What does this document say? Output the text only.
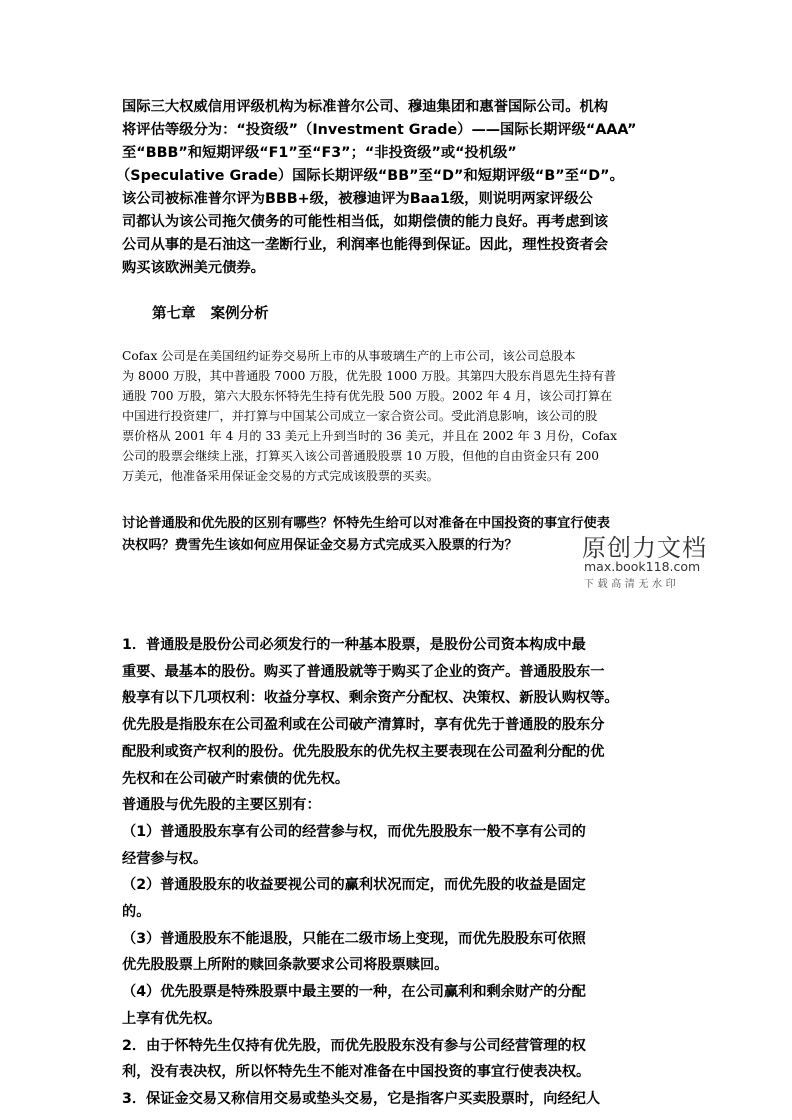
国际三大权威信用评级机构为标准普尔公司、穆迪集团和惠誉国际公司。机构

将评估等级分为：“投资级”（Investment Grade）——国际长期评级“AAA”

至“BBB”和短期评级“F1”至“F3”；“非投资级”或“投机级”

（Speculative Grade）国际长期评级“BB”至“D”和短期评级“B”至“D”。

该公司被标准普尔评为BBB+级，被穆迪评为Baa1级，则说明两家评级公

司都认为该公司拖欠债务的可能性相当低，如期偿债的能力良好。再考虑到该

公司从事的是石油这一垄断行业，利润率也能得到保证。因此，理性投资者会

购买该欧洲美元债券。

第七章   案例分析

Cofax 公司是在美国纽约证券交易所上市的从事玻璃生产的上市公司，该公司总股本

为 8000 万股，其中普通股 7000 万股，优先股 1000 万股。其第四大股东肖恩先生持有普

通股 700 万股，第六大股东怀特先生持有优先股 500 万股。2002 年 4 月，该公司打算在

中国进行投资建厂，并打算与中国某公司成立一家合资公司。受此消息影响，该公司的股

票价格从 2001 年 4 月的 33 美元上升到当时的 36 美元，并且在 2002 年 3 月份，Cofax

公司的股票会继续上涨，打算买入该公司普通股股票 10 万股，但他的自由资金只有 200

万美元，他准备采用保证金交易的方式完成该股票的买卖。

讨论普通股和优先股的区别有哪些？怀特先生给可以对准备在中国投资的事宜行使表

决权吗？费雪先生该如何应用保证金交易方式完成买入股票的行为？	原创力文档
max.book118.com
下载高清无水印

1．普通股是股份公司必须发行的一种基本股票，是股份公司资本构成中最

重要、最基本的股份。购买了普通股就等于购买了企业的资产。普通股股东一

般享有以下几项权利：收益分享权、剩余资产分配权、决策权、新股认购权等。

优先股是指股东在公司盈利或在公司破产清算时，享有优先于普通股的股东分

配股利或资产权利的股份。优先股股东的优先权主要表现在公司盈利分配的优

先权和在公司破产时索债的优先权。

普通股与优先股的主要区别有：

（1）普通股股东享有公司的经营参与权，而优先股股东一般不享有公司的

经营参与权。

（2）普通股股东的收益要视公司的赢利状况而定，而优先股的收益是固定

的。

（3）普通股股东不能退股，只能在二级市场上变现，而优先股股东可依照

优先股股票上所附的赎回条款要求公司将股票赎回。

（4）优先股票是特殊股票中最主要的一种，在公司赢利和剩余财产的分配

上享有优先权。

2．由于怀特先生仅持有优先股，而优先股股东没有参与公司经营管理的权

利，没有表决权，所以怀特先生不能对准备在中国投资的事宜行使表决权。

3．保证金交易又称信用交易或垫头交易，它是指客户买卖股票时，向经纪人
